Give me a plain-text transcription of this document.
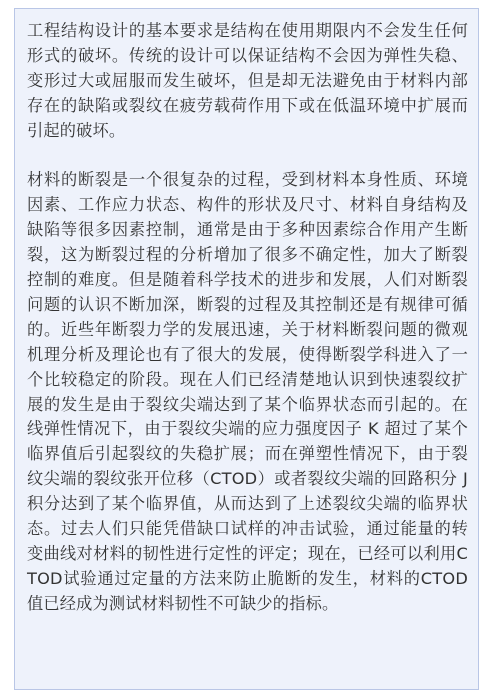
工程结构设计的基本要求是结构在使用期限内不会发生任何形式的破坏。传统的设计可以保证结构不会因为弹性失稳、变形过大或屈服而发生破坏，但是却无法避免由于材料内部存在的缺陷或裂纹在疲劳载荷作用下或在低温环境中扩展而引起的破坏。

材料的断裂是一个很复杂的过程，受到材料本身性质、环境因素、工作应力状态、构件的形状及尺寸、材料自身结构及缺陷等很多因素控制，通常是由于多种因素综合作用产生断裂，这为断裂过程的分析增加了很多不确定性，加大了断裂控制的难度。但是随着科学技术的进步和发展，人们对断裂问题的认识不断加深，断裂的过程及其控制还是有规律可循的。近些年断裂力学的发展迅速，关于材料断裂问题的微观机理分析及理论也有了很大的发展，使得断裂学科进入了一个比较稳定的阶段。现在人们已经清楚地认识到快速裂纹扩展的发生是由于裂纹尖端达到了某个临界状态而引起的。在线弹性情况下，由于裂纹尖端的应力强度因子 K 超过了某个临界值后引起裂纹的失稳扩展；而在弹塑性情况下，由于裂纹尖端的裂纹张开位移（CTOD）或者裂纹尖端的回路积分 J 积分达到了某个临界值，从而达到了上述裂纹尖端的临界状态。过去人们只能凭借缺口试样的冲击试验，通过能量的转变曲线对材料的韧性进行定性的评定；现在，已经可以利用CTOD试验通过定量的方法来防止脆断的发生，材料的CTOD值已经成为测试材料韧性不可缺少的指标。
